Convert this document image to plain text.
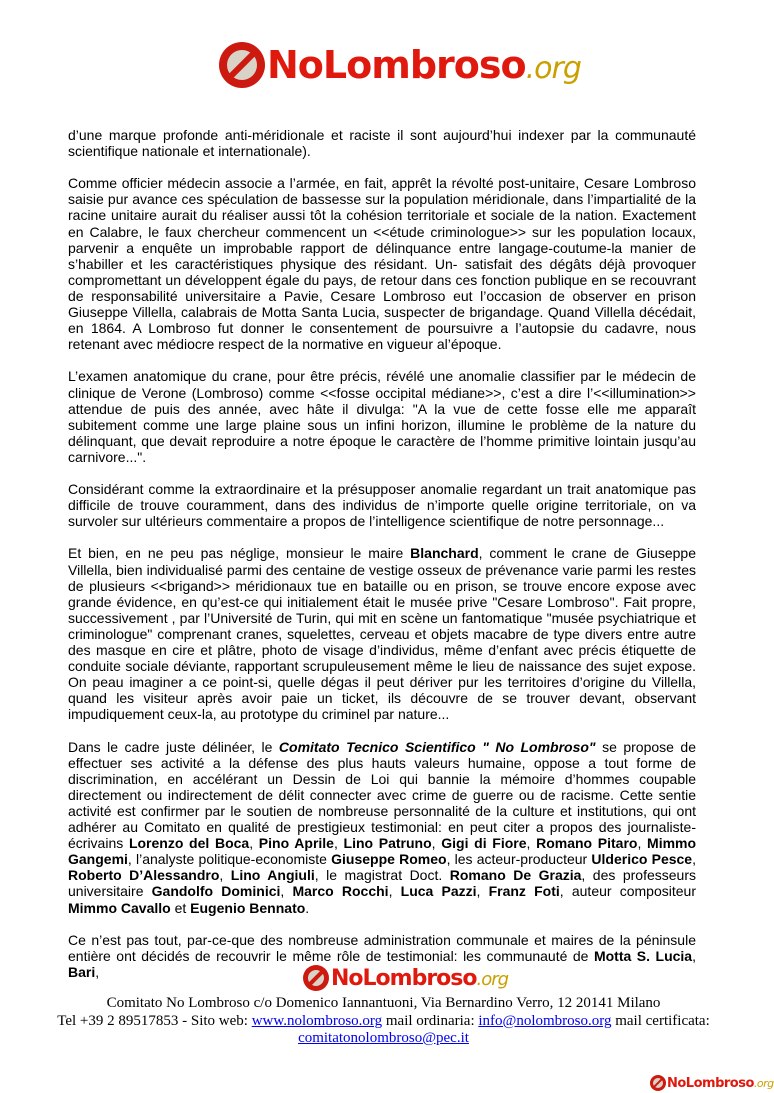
NoLombroso.org

d’une marque profonde anti-méridionale et raciste il sont aujourd’hui indexer par la communauté scientifique nationale et internationale).

Comme officier médecin associe a l’armée, en fait, apprêt la révolté post-unitaire, Cesare Lombroso saisie pur avance ces spéculation de bassesse sur la population méridionale, dans l’impartialité de la racine unitaire aurait du réaliser aussi tôt la cohésion territoriale et sociale de la nation. Exactement en Calabre, le faux chercheur commencent un <<étude criminologue>> sur les population locaux, parvenir a enquête un improbable rapport de délinquance entre langage-coutume-la manier de s’habiller et les caractéristiques physique des résidant. Un- satisfait des dégâts déjà provoquer compromettant un développent égale du pays, de retour dans ces fonction publique en se recouvrant de responsabilité universitaire a Pavie, Cesare Lombroso eut l’occasion de observer en prison Giuseppe Villella, calabrais de Motta Santa Lucia, suspecter de brigandage. Quand Villella décédait, en 1864. A Lombroso fut donner le consentement de poursuivre a l’autopsie du cadavre, nous retenant avec médiocre respect de la normative en vigueur al’époque.

L’examen anatomique du crane, pour être précis, révélé une anomalie classifier par le médecin de clinique de Verone (Lombroso) comme <<fosse occipital médiane>>, c’est a dire l’<<illumination>> attendue de puis des année, avec hâte il divulga: "A la vue de cette fosse elle me apparaît subitement comme une large plaine sous un infini horizon, illumine le problème de la nature du délinquant, que devait reproduire a notre époque le caractère de l’homme primitive lointain jusqu’au carnivore...".

Considérant comme la extraordinaire et la présupposer anomalie regardant un trait anatomique pas difficile de trouve couramment, dans des individus de n’importe quelle origine territoriale, on va survoler sur ultérieurs commentaire a propos de l’intelligence scientifique de notre personnage...

Et bien, en ne peu pas néglige, monsieur le maire Blanchard, comment le crane de Giuseppe Villella, bien individualisé parmi des centaine de vestige osseux de prévenance varie parmi les restes de plusieurs <<brigand>> méridionaux tue en bataille ou en prison, se trouve encore expose avec grande évidence, en qu’est-ce qui initialement était le musée prive "Cesare Lombroso". Fait propre, successivement , par l’Université de Turin, qui mit en scène un fantomatique "musée psychiatrique et criminologue" comprenant cranes, squelettes, cerveau et objets macabre de type divers entre autre des masque en cire et plâtre, photo de visage d’individus, même d’enfant avec précis étiquette de conduite sociale déviante, rapportant scrupuleusement même le lieu de naissance des sujet expose. On peau imaginer a ce point-si, quelle dégas il peut dériver pur les territoires d’origine du Villella, quand les visiteur après avoir paie un ticket, ils découvre de se trouver devant, observant impudiquement ceux-la, au prototype du criminel par nature...

Dans le cadre juste délinéer, le Comitato Tecnico Scientifico " No Lombroso" se propose de effectuer ses activité a la défense des plus hauts valeurs humaine, oppose a tout forme de discrimination, en accélérant un Dessin de Loi qui bannie la mémoire d’hommes coupable directement ou indirectement de délit connecter avec crime de guerre ou de racisme. Cette sentie activité est confirmer par le soutien de nombreuse personnalité de la culture et institutions, qui ont adhérer au Comitato en qualité de prestigieux testimonial: en peut citer a propos des journaliste-écrivains Lorenzo del Boca, Pino Aprile, Lino Patruno, Gigi di Fiore, Romano Pitaro, Mimmo Gangemi, l’analyste politique-economiste Giuseppe Romeo, les acteur-producteur Ulderico Pesce, Roberto D’Alessandro, Lino Angiuli, le magistrat Doct. Romano De Grazia, des professeurs universitaire Gandolfo Dominici, Marco Rocchi, Luca Pazzi, Franz Foti, auteur compositeur Mimmo Cavallo et Eugenio Bennato.

Ce n’est pas tout, par-ce-que des nombreuse administration communale et maires de la péninsule entière ont décidés de recouvrir le même rôle de testimonial: les communauté de Motta S. Lucia, Bari,	NoLombroso.org
Comitato No Lombroso c/o Domenico Iannantuoni, Via Bernardino Verro, 12 20141 Milano
Tel +39 2 89517853 - Sito web: www.nolombroso.org mail ordinaria: info@nolombroso.org mail certificata: comitatonolombroso@pec.it
NoLombroso.org
